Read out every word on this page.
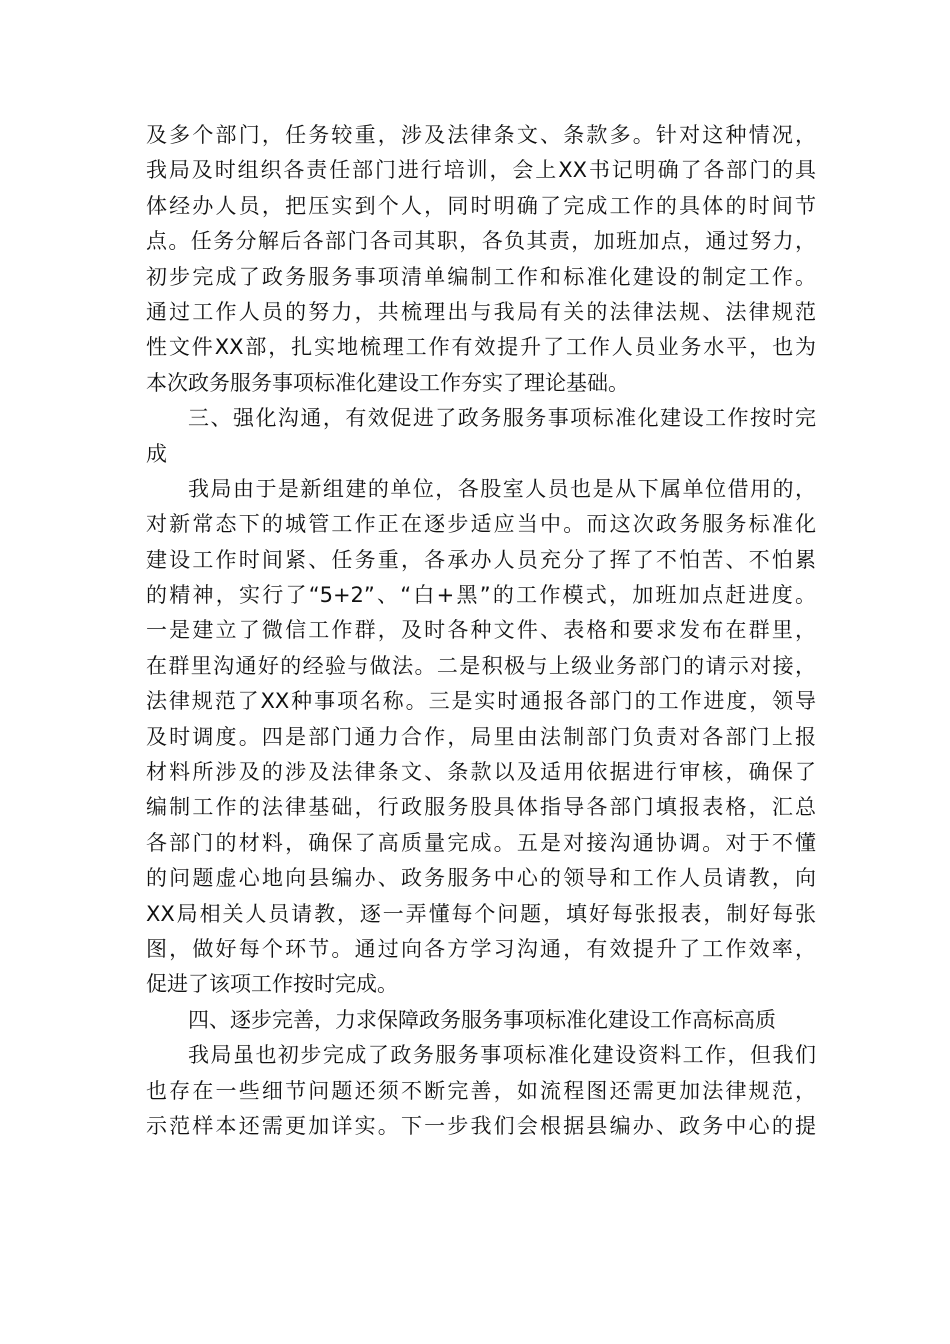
及多个部门，任务较重，涉及法律条文、条款多。针对这种情况，
我局及时组织各责任部门进行培训，会上XX书记明确了各部门的具
体经办人员，把压实到个人，同时明确了完成工作的具体的时间节
点。任务分解后各部门各司其职，各负其责，加班加点，通过努力，
初步完成了政务服务事项清单编制工作和标准化建设的制定工作。
通过工作人员的努力，共梳理出与我局有关的法律法规、法律规范
性文件XX部，扎实地梳理工作有效提升了工作人员业务水平，也为
本次政务服务事项标准化建设工作夯实了理论基础。
三、强化沟通，有效促进了政务服务事项标准化建设工作按时完
成
我局由于是新组建的单位，各股室人员也是从下属单位借用的，
对新常态下的城管工作正在逐步适应当中。而这次政务服务标准化
建设工作时间紧、任务重，各承办人员充分了挥了不怕苦、不怕累
的精神，实行了“5+2”、“白+黑”的工作模式，加班加点赶进度。
一是建立了微信工作群，及时各种文件、表格和要求发布在群里，
在群里沟通好的经验与做法。二是积极与上级业务部门的请示对接，
法律规范了XX种事项名称。三是实时通报各部门的工作进度，领导
及时调度。四是部门通力合作，局里由法制部门负责对各部门上报
材料所涉及的涉及法律条文、条款以及适用依据进行审核，确保了
编制工作的法律基础，行政服务股具体指导各部门填报表格，汇总
各部门的材料，确保了高质量完成。五是对接沟通协调。对于不懂
的问题虚心地向县编办、政务服务中心的领导和工作人员请教，向
XX局相关人员请教，逐一弄懂每个问题，填好每张报表，制好每张
图，做好每个环节。通过向各方学习沟通，有效提升了工作效率，
促进了该项工作按时完成。
四、逐步完善，力求保障政务服务事项标准化建设工作高标高质
我局虽也初步完成了政务服务事项标准化建设资料工作，但我们
也存在一些细节问题还须不断完善，如流程图还需更加法律规范，
示范样本还需更加详实。下一步我们会根据县编办、政务中心的提
